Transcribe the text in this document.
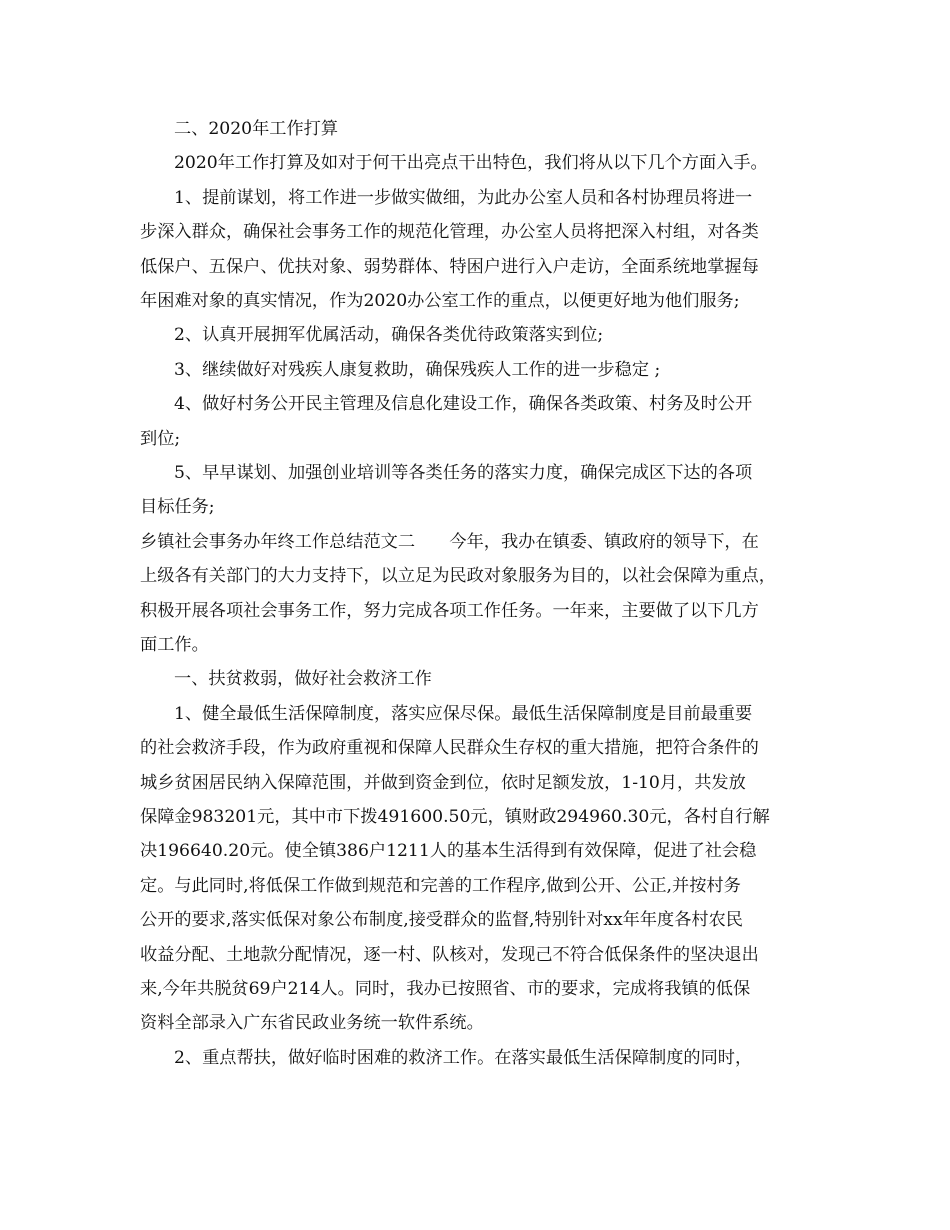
二、2020年工作打算
2020年工作打算及如对于何干出亮点干出特色，我们将从以下几个方面入手。
1、提前谋划，将工作进一步做实做细，为此办公室人员和各村协理员将进一
步深入群众，确保社会事务工作的规范化管理，办公室人员将把深入村组，对各类
低保户、五保户、优扶对象、弱势群体、特困户进行入户走访，全面系统地掌握每
年困难对象的真实情况，作为2020办公室工作的重点，以便更好地为他们服务;
2、认真开展拥军优属活动，确保各类优待政策落实到位;
3、继续做好对残疾人康复救助，确保残疾人工作的进一步稳定 ;
4、做好村务公开民主管理及信息化建设工作，确保各类政策、村务及时公开
到位;
5、早早谋划、加强创业培训等各类任务的落实力度，确保完成区下达的各项
目标任务;
乡镇社会事务办年终工作总结范文二　　今年，我办在镇委、镇政府的领导下，在
上级各有关部门的大力支持下，以立足为民政对象服务为目的，以社会保障为重点，
积极开展各项社会事务工作，努力完成各项工作任务。一年来，主要做了以下几方
面工作。
一、扶贫救弱，做好社会救济工作
1、健全最低生活保障制度，落实应保尽保。最低生活保障制度是目前最重要
的社会救济手段，作为政府重视和保障人民群众生存权的重大措施，把符合条件的
城乡贫困居民纳入保障范围，并做到资金到位，依时足额发放，1-10月，共发放
保障金983201元，其中市下拨491600.50元，镇财政294960.30元，各村自行解
决196640.20元。使全镇386户1211人的基本生活得到有效保障，促进了社会稳
定。与此同时,将低保工作做到规范和完善的工作程序,做到公开、公正,并按村务
公开的要求,落实低保对象公布制度,接受群众的监督,特别针对xx年年度各村农民
收益分配、土地款分配情况，逐一村、队核对，发现己不符合低保条件的坚决退出
来,今年共脱贫69户214人。同时，我办已按照省、市的要求，完成将我镇的低保
资料全部录入广东省民政业务统一软件系统。
2、重点帮扶，做好临时困难的救济工作。在落实最低生活保障制度的同时，
